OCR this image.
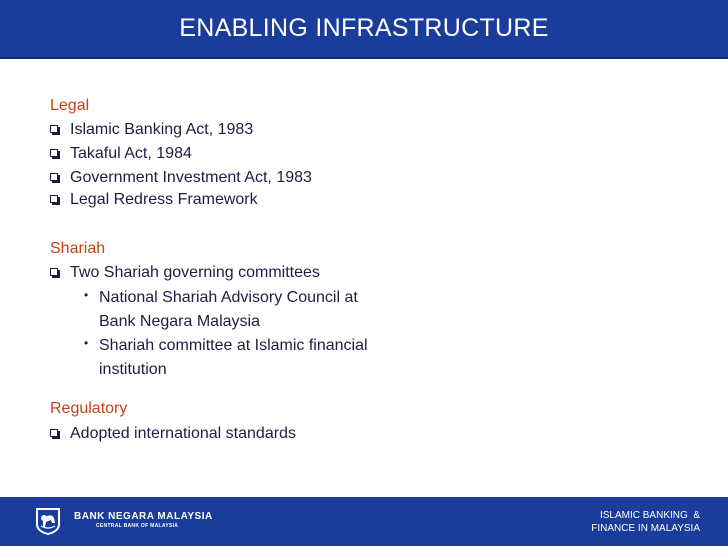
ENABLING INFRASTRUCTURE
Legal
Islamic Banking Act, 1983
Takaful Act, 1984
Government Investment Act, 1983
Legal Redress Framework
Shariah
Two Shariah governing committees
• National Shariah Advisory Council at
Bank Negara Malaysia
• Shariah committee at Islamic financial
institution
Regulatory
Adopted international standards
BANK NEGARA MALAYSIA
CENTRAL BANK OF MALAYSIA
ISLAMIC BANKING  &
FINANCE IN MALAYSIA
